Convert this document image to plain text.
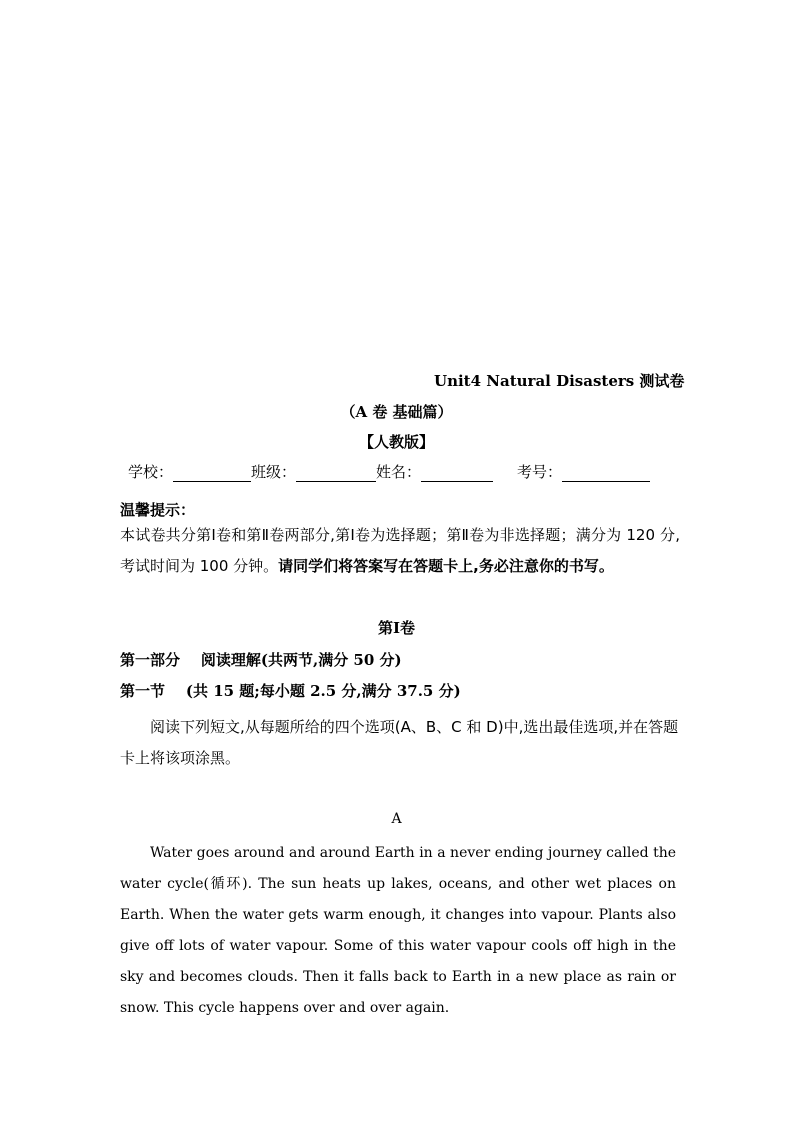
Unit4 Natural Disasters 测试卷
（A 卷 基础篇）
【人教版】
学校：	班级：	姓名：	考号：
温馨提示：
本试卷共分第Ⅰ卷和第Ⅱ卷两部分,第Ⅰ卷为选择题；第Ⅱ卷为非选择题；满分为 120 分,考试时间为 100 分钟。请同学们将答案写在答题卡上,务必注意你的书写。
第Ⅰ卷
第一部分    阅读理解(共两节,满分 50 分)
第一节    (共 15 题;每小题 2.5 分,满分 37.5 分)
阅读下列短文,从每题所给的四个选项(A、B、C 和 D)中,选出最佳选项,并在答题卡上将该项涂黑。
A
Water goes around and around Earth in a never ending journey called the water cycle(循环). The sun heats up lakes, oceans, and other wet places on Earth. When the water gets warm enough, it changes into vapour. Plants also give off lots of water vapour. Some of this water vapour cools off high in the sky and becomes clouds. Then it falls back to Earth in a new place as rain or snow. This cycle happens over and over again.
